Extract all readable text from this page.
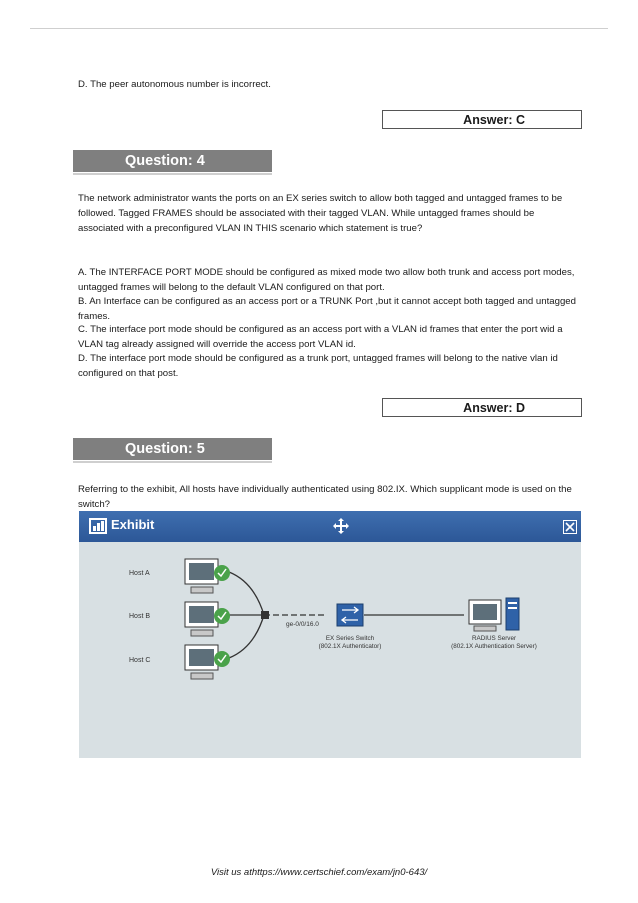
D. The peer autonomous number is incorrect.
Answer: C
Question: 4
The network administrator wants the ports on an EX series switch to allow both tagged and untagged frames to be followed. Tagged FRAMES should be associated with their tagged VLAN. While untagged frames should be associated with a preconfigured VLAN IN THIS scenario which statement is true?
A. The INTERFACE PORT MODE should be configured as mixed mode two allow both trunk and access port modes, untagged frames will belong to the default VLAN configured on that port.
B. An Interface can be configured as an access port or a TRUNK Port ,but it cannot accept both tagged and untagged frames.
C. The interface port mode should be configured as an access port with a VLAN id frames that enter the port wid a VLAN tag already assigned will override the access port VLAN id.
D. The interface port mode should be configured as a trunk port, untagged frames will belong to the native vlan id configured on that post.
Answer: D
Question: 5
Referring to the exhibit, All hosts have individually authenticated using 802.IX. Which supplicant mode is used on the switch?
Exhibit
Host A
Host B
Host C
ge-0/0/16.0
EX Series Switch
(802.1X Authenticator)
RADIUS Server
(802.1X Authentication Server)
Visit us athttps://www.certschief.com/exam/jn0-643/
